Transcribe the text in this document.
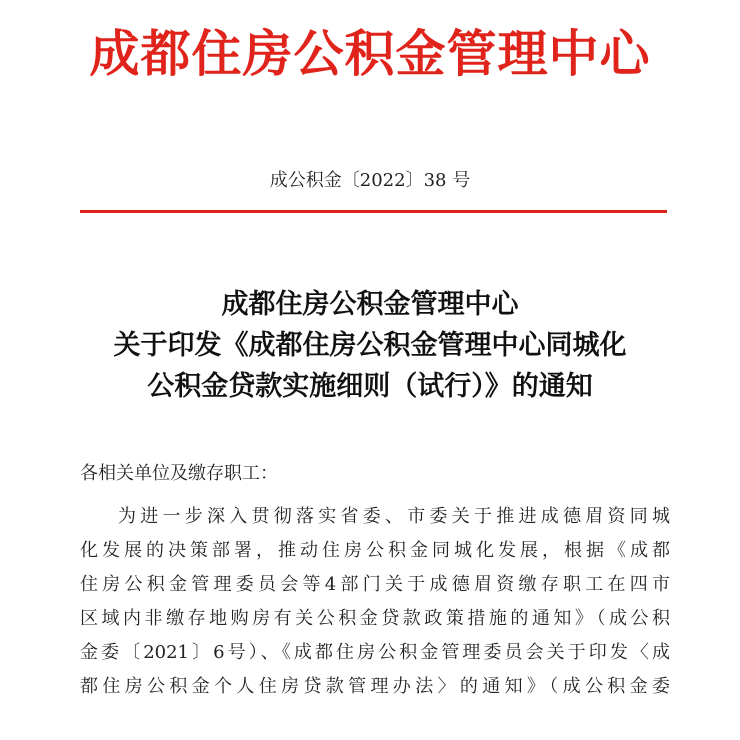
成都住房公积金管理中心
成公积金〔2022〕38 号
成都住房公积金管理中心
关于印发《成都住房公积金管理中心同城化
公积金贷款实施细则（试行）》的通知
各相关单位及缴存职工：
为进一步深入贯彻落实省委、市委关于推进成德眉资同城
化发展的决策部署，推动住房公积金同城化发展，根据《成都
住房公积金管理委员会等4部门关于成德眉资缴存职工在四市
区域内非缴存地购房有关公积金贷款政策措施的通知》（成公积
金委〔2021〕6号）、《成都住房公积金管理委员会关于印发〈成
都住房公积金个人住房贷款管理办法〉的通知》（成公积金委
